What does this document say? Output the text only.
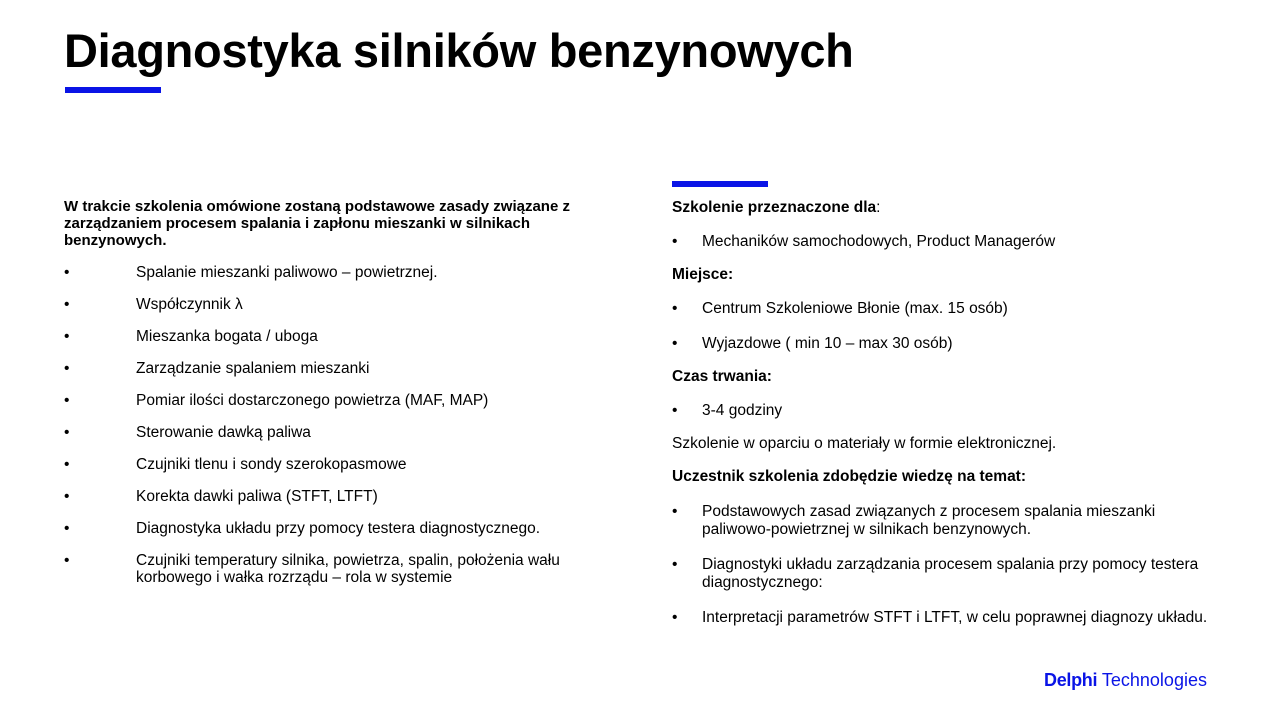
Diagnostyka silników benzynowych
W trakcie szkolenia omówione zostaną podstawowe zasady związane z zarządzaniem procesem spalania i zapłonu mieszanki w silnikach benzynowych.
•	Spalanie mieszanki paliwowo – powietrznej.
•	Współczynnik λ
•	Mieszanka bogata / uboga
•	Zarządzanie spalaniem mieszanki
•	Pomiar ilości dostarczonego powietrza (MAF, MAP)
•	Sterowanie dawką paliwa
•	Czujniki tlenu i sondy szerokopasmowe
•	Korekta dawki paliwa (STFT, LTFT)
•	Diagnostyka układu przy pomocy testera diagnostycznego.
•	Czujniki temperatury silnika, powietrza, spalin, położenia wału korbowego i wałka rozrządu – rola w systemie
Szkolenie przeznaczone dla:
•	Mechaników samochodowych, Product Managerów
Miejsce:
•	Centrum Szkoleniowe Błonie (max. 15 osób)
•	Wyjazdowe ( min 10 – max 30 osób)
Czas trwania:
•	3-4 godziny
Szkolenie w oparciu o materiały w formie elektronicznej.
Uczestnik szkolenia zdobędzie wiedzę na temat:
•	Podstawowych zasad związanych z procesem spalania mieszanki paliwowo-powietrznej w silnikach benzynowych.
•	Diagnostyki układu zarządzania procesem spalania przy pomocy testera diagnostycznego:
•	Interpretacji parametrów STFT i LTFT, w celu poprawnej diagnozy układu.
Delphi Technologies
